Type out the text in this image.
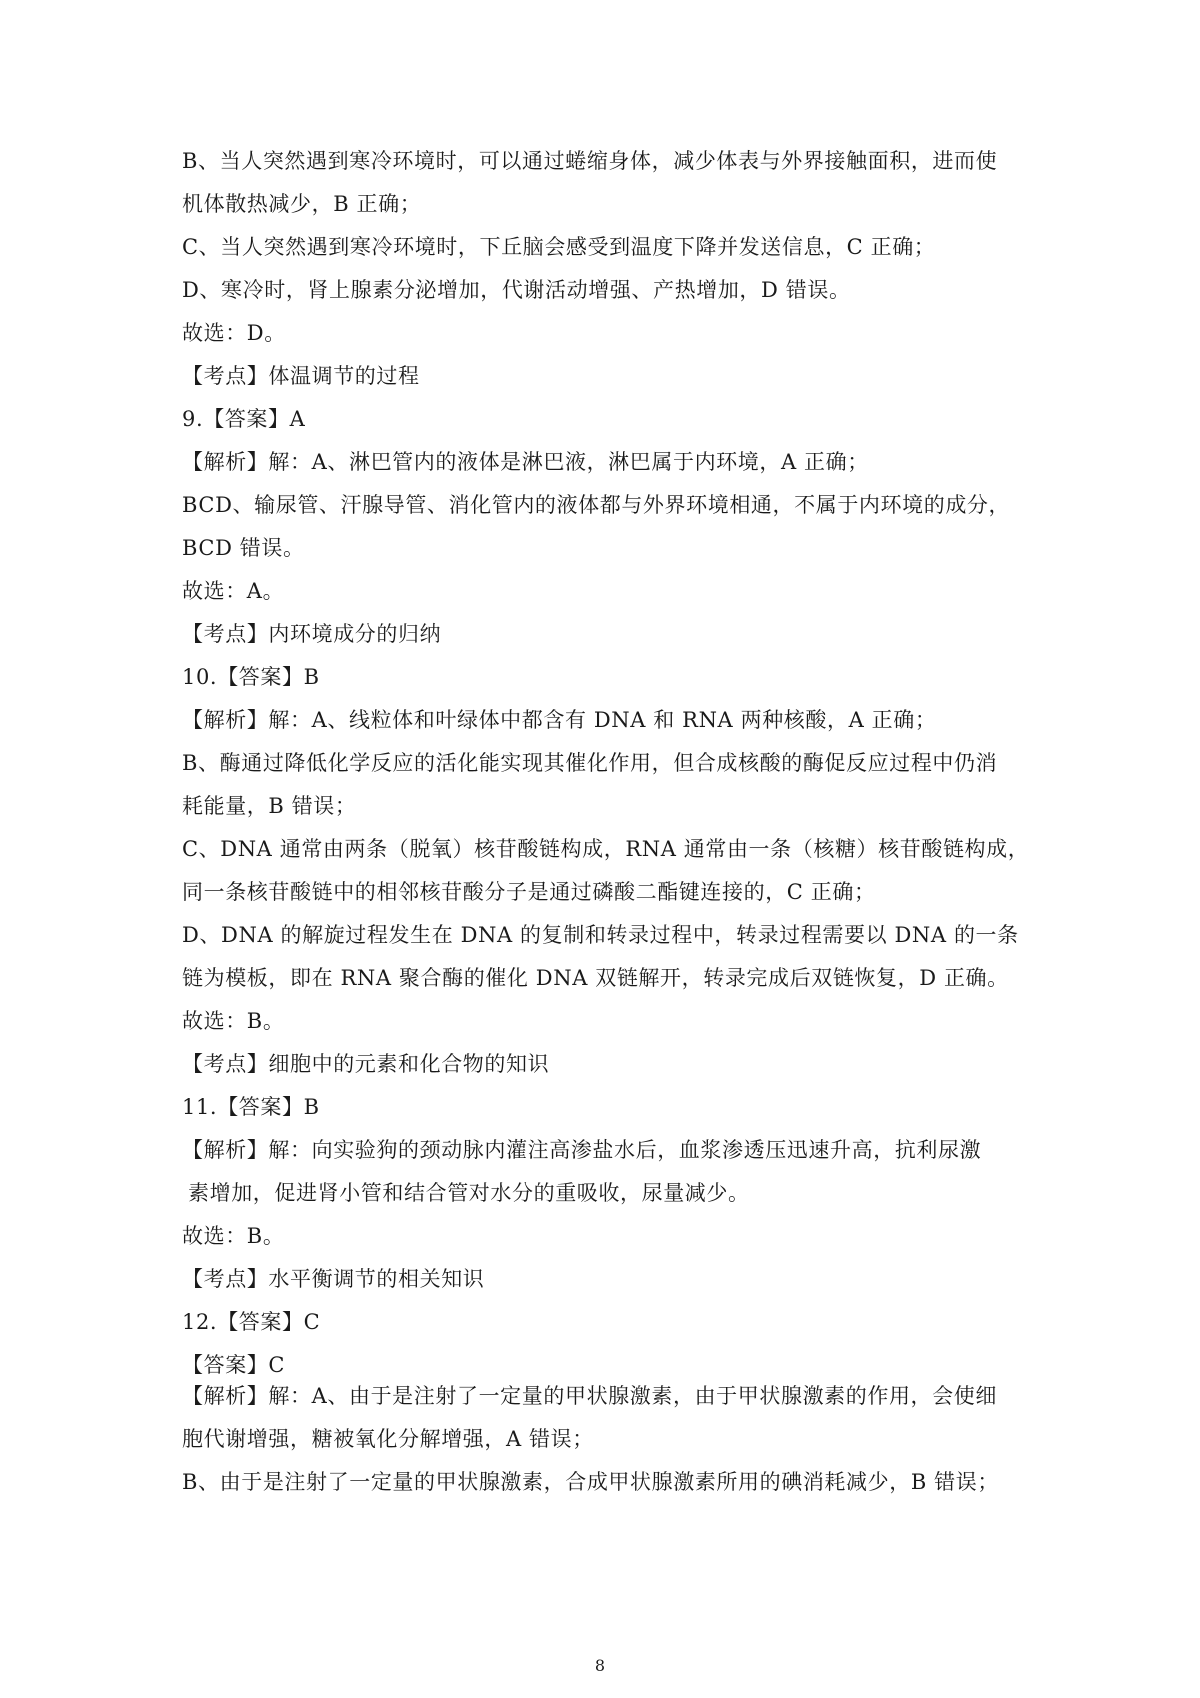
B、当人突然遇到寒冷环境时，可以通过蜷缩身体，减少体表与外界接触面积，进而使
机体散热减少，B 正确；
C、当人突然遇到寒冷环境时，下丘脑会感受到温度下降并发送信息，C 正确；
D、寒冷时，肾上腺素分泌增加，代谢活动增强、产热增加，D 错误。
故选：D。
【考点】体温调节的过程
9.【答案】A
【解析】解：A、淋巴管内的液体是淋巴液，淋巴属于内环境，A 正确；
BCD、输尿管、汗腺导管、消化管内的液体都与外界环境相通，不属于内环境的成分，
BCD 错误。
故选：A。
【考点】内环境成分的归纳
10.【答案】B
【解析】解：A、线粒体和叶绿体中都含有 DNA 和 RNA 两种核酸，A 正确；
B、酶通过降低化学反应的活化能实现其催化作用，但合成核酸的酶促反应过程中仍消
耗能量，B 错误；
C、DNA 通常由两条（脱氧）核苷酸链构成，RNA 通常由一条（核糖）核苷酸链构成，
同一条核苷酸链中的相邻核苷酸分子是通过磷酸二酯键连接的，C 正确；
D、DNA 的解旋过程发生在 DNA 的复制和转录过程中，转录过程需要以 DNA 的一条
链为模板，即在 RNA 聚合酶的催化 DNA 双链解开，转录完成后双链恢复，D 正确。
故选：B。
【考点】细胞中的元素和化合物的知识
11.【答案】B
【解析】解：向实验狗的颈动脉内灌注高渗盐水后，血浆渗透压迅速升高，抗利尿激
素增加，促进肾小管和结合管对水分的重吸收，尿量减少。
故选：B。
【考点】水平衡调节的相关知识
12.【答案】C
【答案】C
【解析】解：A、由于是注射了一定量的甲状腺激素，由于甲状腺激素的作用，会使细
胞代谢增强，糖被氧化分解增强，A 错误；
B、由于是注射了一定量的甲状腺激素，合成甲状腺激素所用的碘消耗减少，B 错误；
8
